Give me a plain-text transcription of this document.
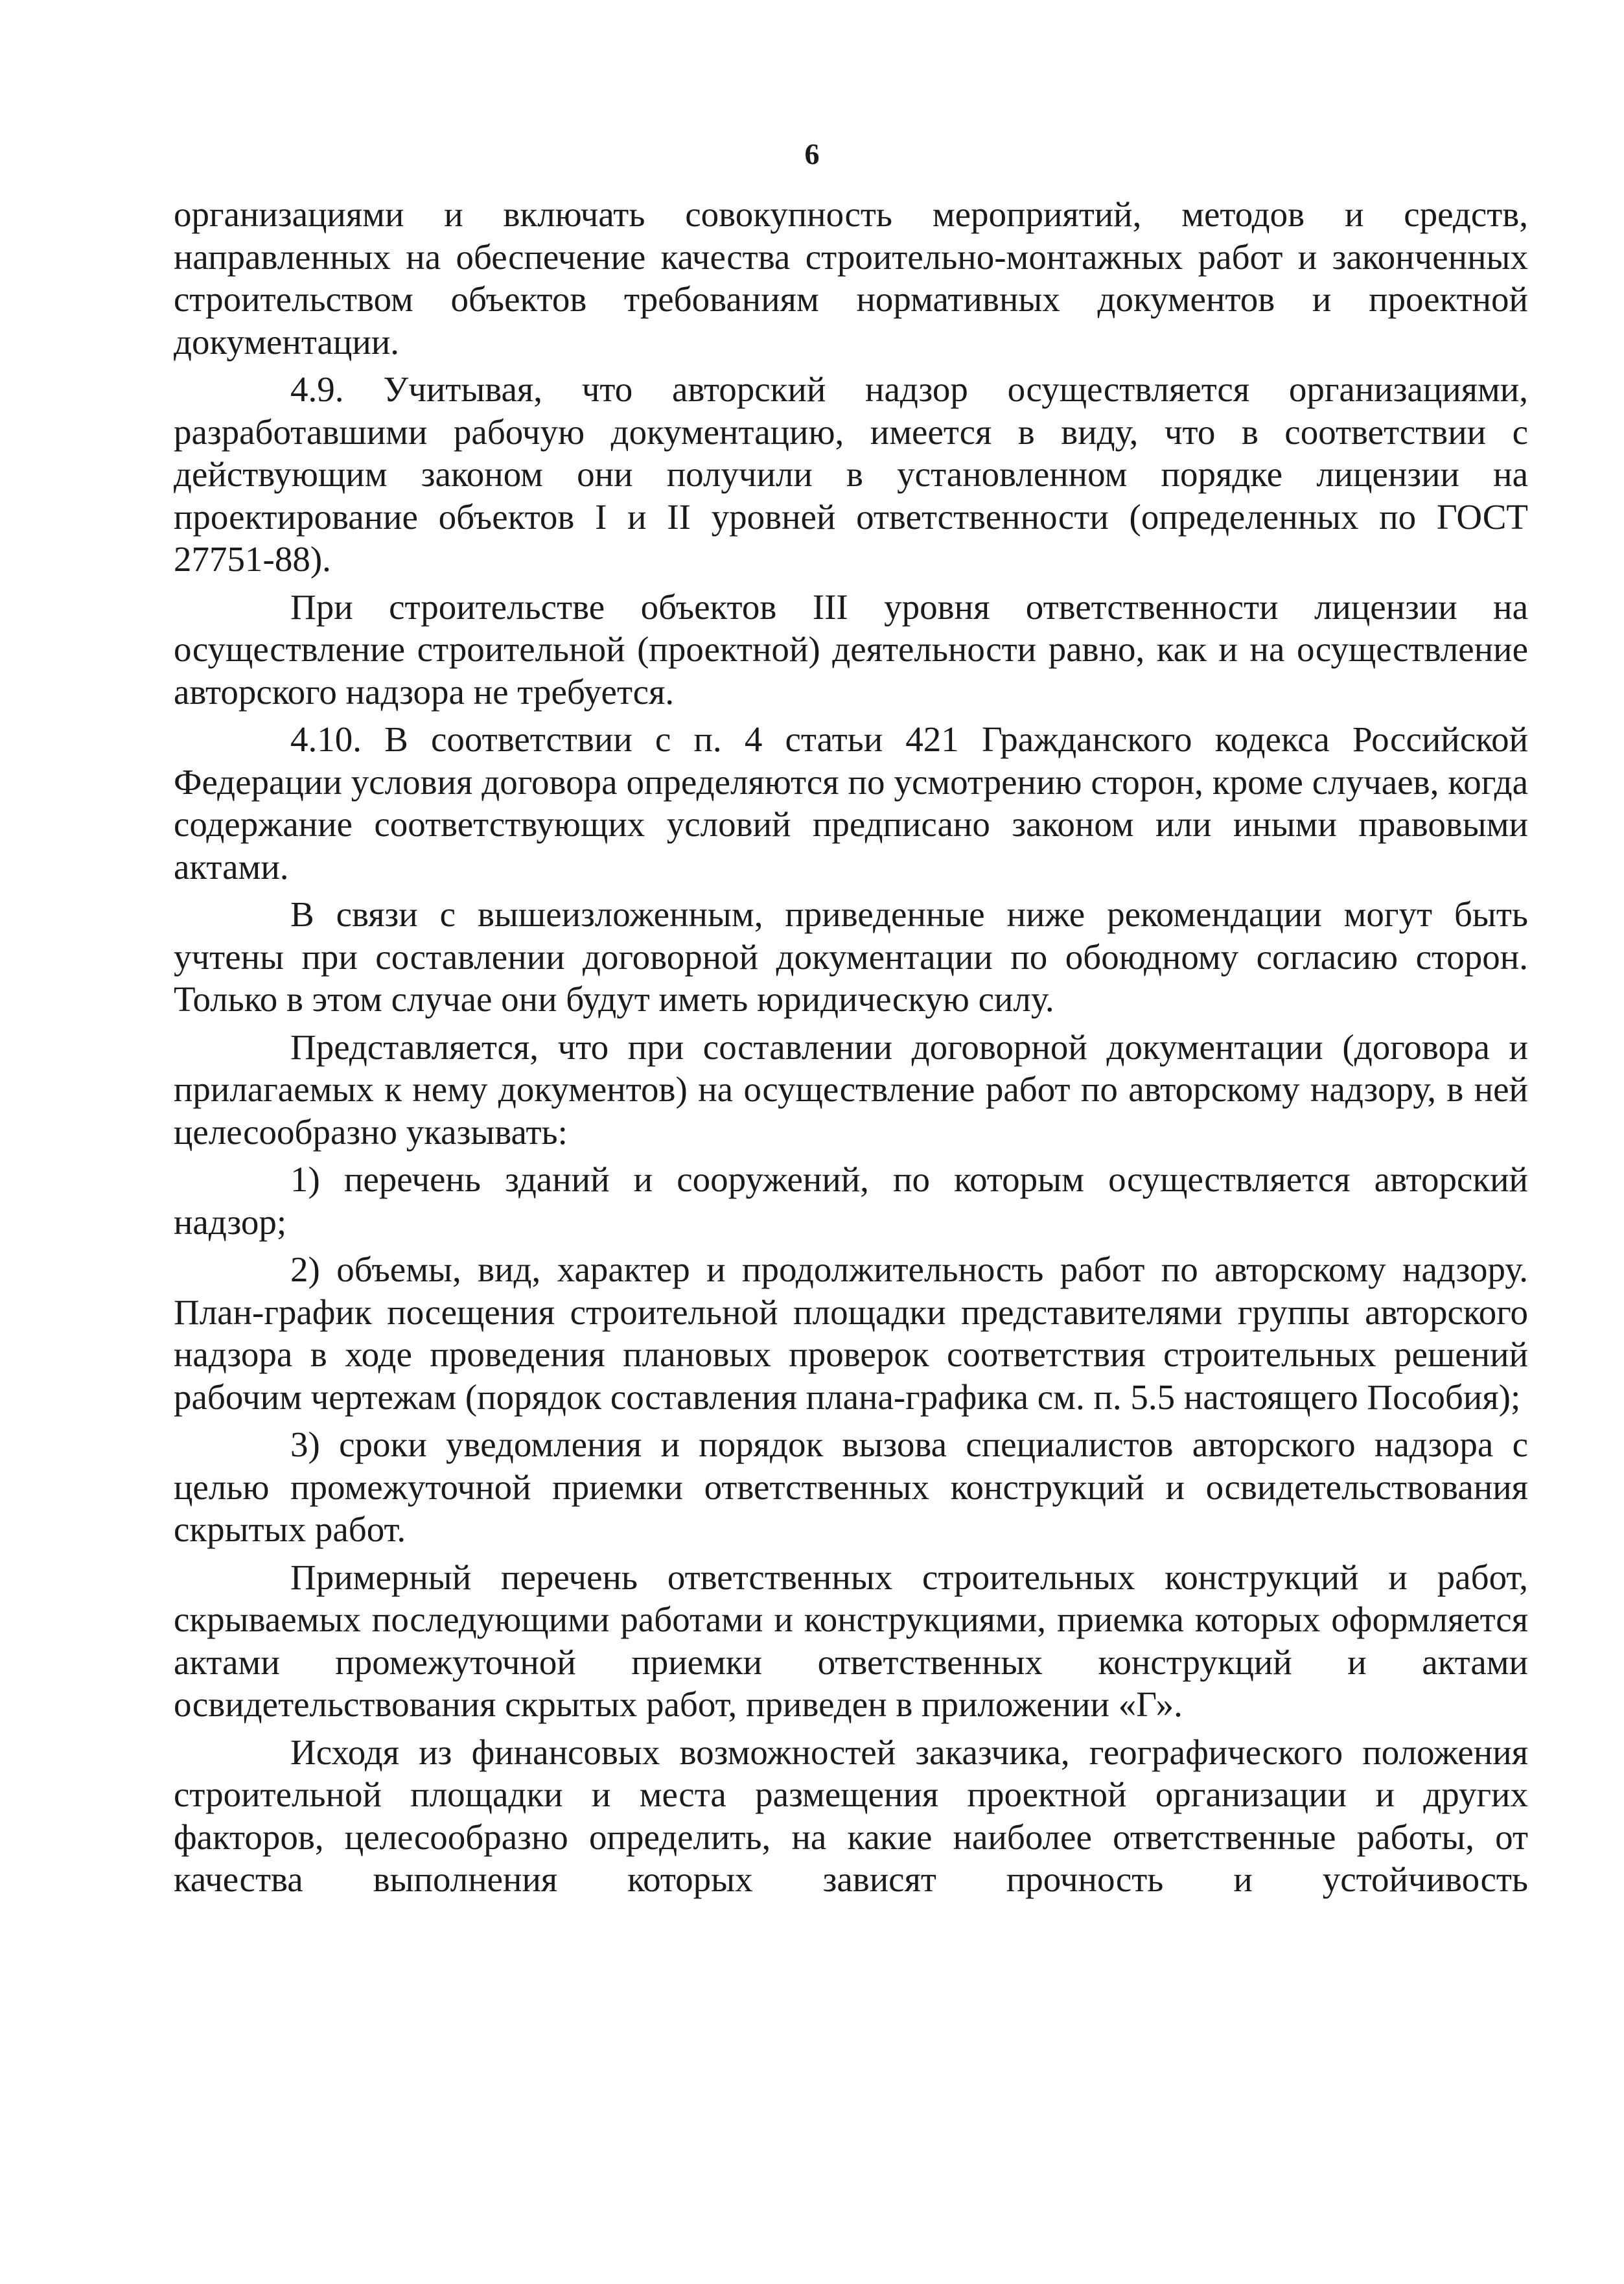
6

организациями и включать совокупность мероприятий, методов и средств, направленных на обеспечение качества строительно-монтажных работ и законченных строительством объектов требованиям нормативных документов и проектной документации.

4.9. Учитывая, что авторский надзор осуществляется организациями, разработавшими рабочую документацию, имеется в виду, что в соответствии с действующим законом они получили в установленном порядке лицензии на проектирование объектов I и II уровней ответственности (определенных по ГОСТ 27751-88).

При строительстве объектов III уровня ответственности лицензии на осуществление строительной (проектной) деятельности равно, как и на осуществление авторского надзора не требуется.

4.10. В соответствии с п. 4 статьи 421 Гражданского кодекса Российской Федерации условия договора определяются по усмотрению сторон, кроме случаев, когда содержание соответствующих условий предписано законом или иными правовыми актами.

В связи с вышеизложенным, приведенные ниже рекомендации могут быть учтены при составлении договорной документации по обоюдному согласию сторон. Только в этом случае они будут иметь юридическую силу.

Представляется, что при составлении договорной документации (договора и прилагаемых к нему документов) на осуществление работ по авторскому надзору, в ней целесообразно указывать:

1) перечень зданий и сооружений, по которым осуществляется авторский надзор;

2) объемы, вид, характер и продолжительность работ по авторскому надзору. План-график посещения строительной площадки представителями группы авторского надзора в ходе проведения плановых проверок соответствия строительных решений рабочим чертежам (порядок составления плана-графика см. п. 5.5 настоящего Пособия);

3) сроки уведомления и порядок вызова специалистов авторского надзора с целью промежуточной приемки ответственных конструкций и освидетельствования скрытых работ.

Примерный перечень ответственных строительных конструкций и работ, скрываемых последующими работами и конструкциями, приемка которых оформляется актами промежуточной приемки ответственных конструкций и актами освидетельствования скрытых работ, приведен в приложении «Г».

Исходя из финансовых возможностей заказчика, географического положения строительной площадки и места размещения проектной организации и других факторов, целесообразно определить, на какие наиболее ответственные работы, от качества выполнения которых зависят прочность и устойчивость
